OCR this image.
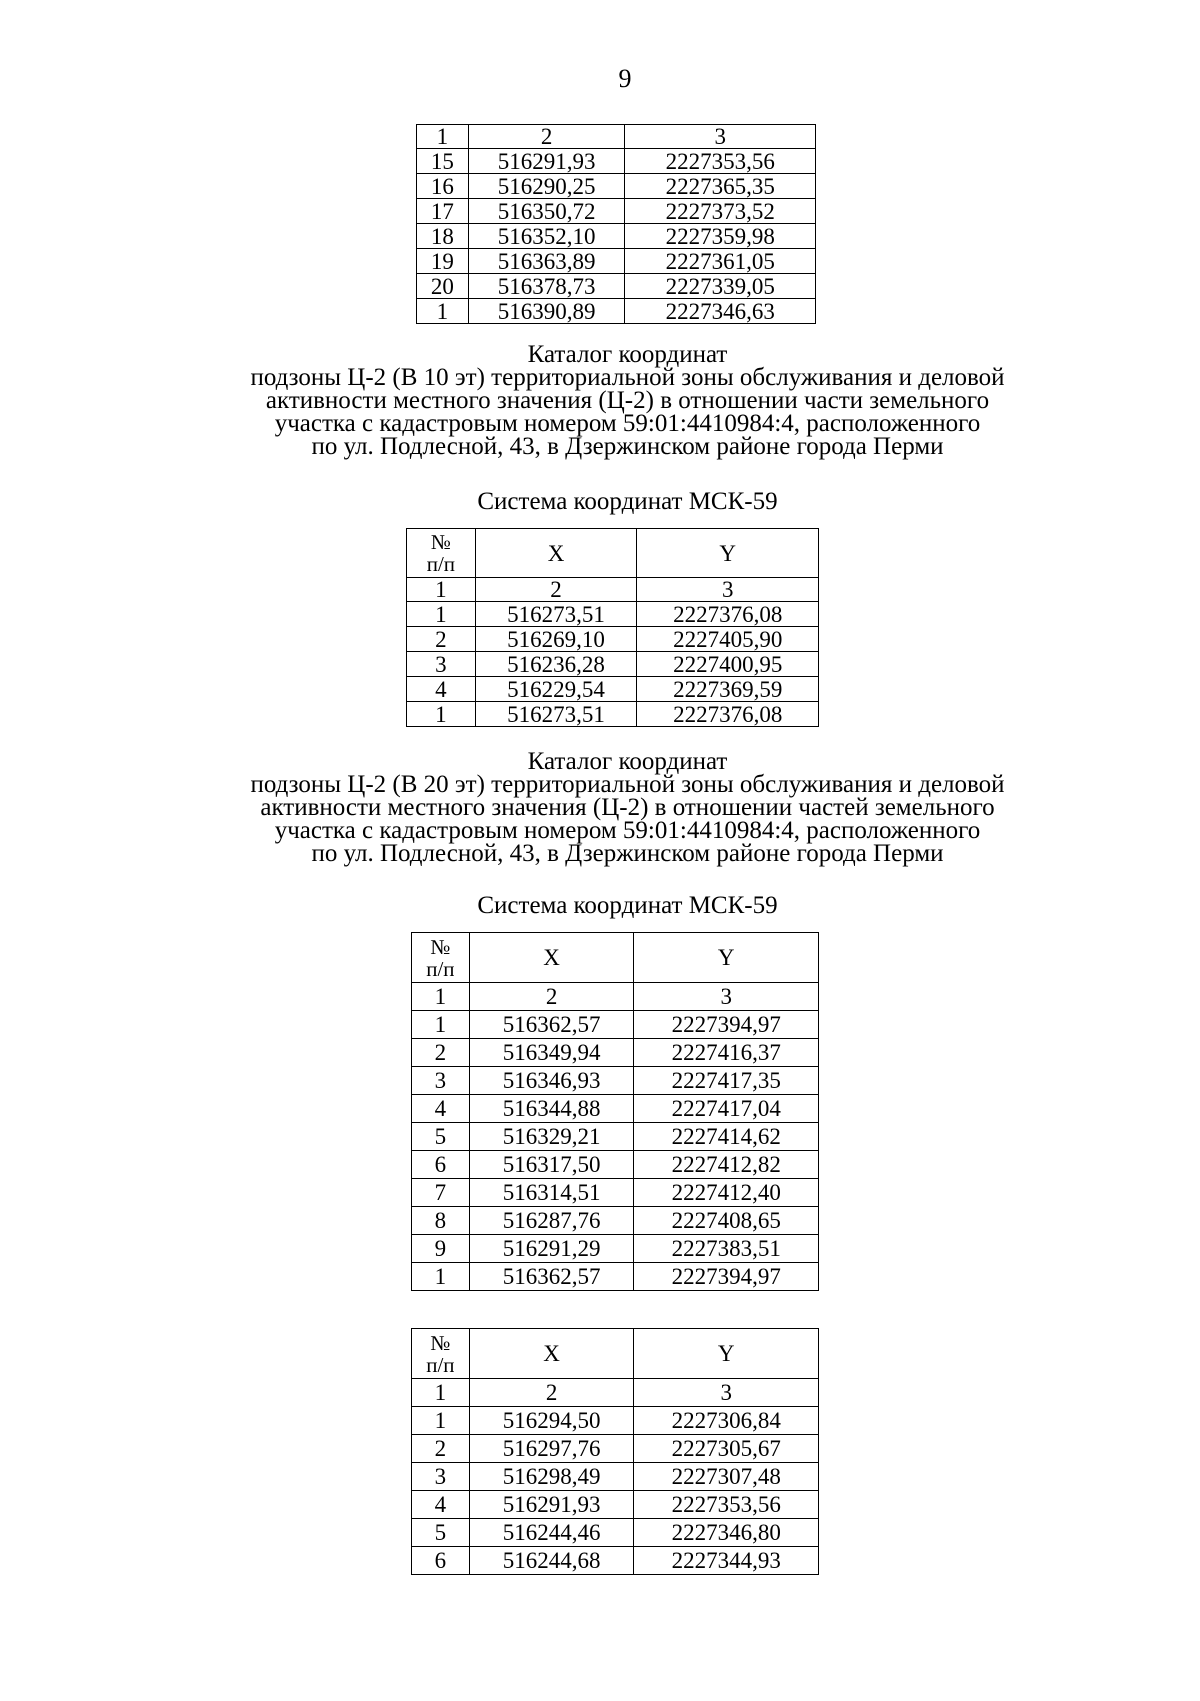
9
1	2	3
15	516291,93	2227353,56
16	516290,25	2227365,35
17	516350,72	2227373,52
18	516352,10	2227359,98
19	516363,89	2227361,05
20	516378,73	2227339,05
1	516390,89	2227346,63
Каталог координат
подзоны Ц-2 (В 10 эт) территориальной зоны обслуживания и деловой
активности местного значения (Ц-2) в отношении части земельного
участка с кадастровым номером 59:01:4410984:4, расположенного
по ул. Подлесной, 43, в Дзержинском районе города Перми
Система координат МСК-59
№
п/п	X	Y
1	2	3
1	516273,51	2227376,08
2	516269,10	2227405,90
3	516236,28	2227400,95
4	516229,54	2227369,59
1	516273,51	2227376,08
Каталог координат
подзоны Ц-2 (В 20 эт) территориальной зоны обслуживания и деловой
активности местного значения (Ц-2) в отношении частей земельного
участка с кадастровым номером 59:01:4410984:4, расположенного
по ул. Подлесной, 43, в Дзержинском районе города Перми
Система координат МСК-59
№
п/п	X	Y
1	2	3
1	516362,57	2227394,97
2	516349,94	2227416,37
3	516346,93	2227417,35
4	516344,88	2227417,04
5	516329,21	2227414,62
6	516317,50	2227412,82
7	516314,51	2227412,40
8	516287,76	2227408,65
9	516291,29	2227383,51
1	516362,57	2227394,97
№
п/п	X	Y
1	2	3
1	516294,50	2227306,84
2	516297,76	2227305,67
3	516298,49	2227307,48
4	516291,93	2227353,56
5	516244,46	2227346,80
6	516244,68	2227344,93
